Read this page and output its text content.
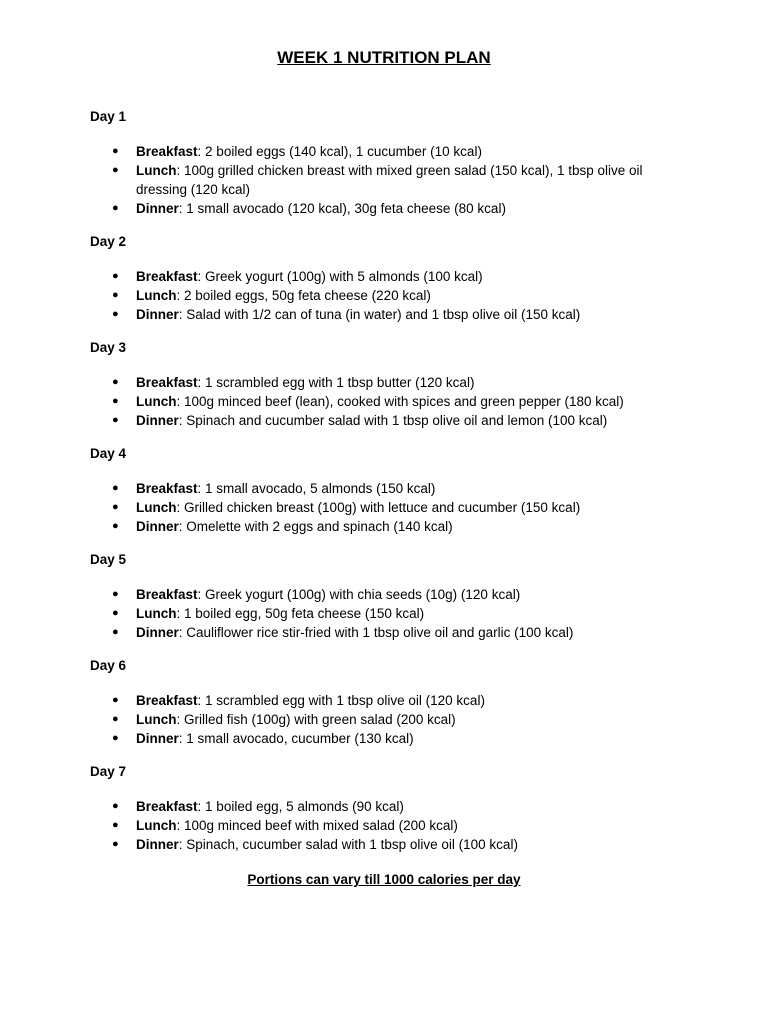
WEEK 1 NUTRITION PLAN
Day 1
● Breakfast: 2 boiled eggs (140 kcal), 1 cucumber (10 kcal)
● Lunch: 100g grilled chicken breast with mixed green salad (150 kcal), 1 tbsp olive oil dressing (120 kcal)
● Dinner: 1 small avocado (120 kcal), 30g feta cheese (80 kcal)
Day 2
● Breakfast: Greek yogurt (100g) with 5 almonds (100 kcal)
● Lunch: 2 boiled eggs, 50g feta cheese (220 kcal)
● Dinner: Salad with 1/2 can of tuna (in water) and 1 tbsp olive oil (150 kcal)
Day 3
● Breakfast: 1 scrambled egg with 1 tbsp butter (120 kcal)
● Lunch: 100g minced beef (lean), cooked with spices and green pepper (180 kcal)
● Dinner: Spinach and cucumber salad with 1 tbsp olive oil and lemon (100 kcal)
Day 4
● Breakfast: 1 small avocado, 5 almonds (150 kcal)
● Lunch: Grilled chicken breast (100g) with lettuce and cucumber (150 kcal)
● Dinner: Omelette with 2 eggs and spinach (140 kcal)
Day 5
● Breakfast: Greek yogurt (100g) with chia seeds (10g) (120 kcal)
● Lunch: 1 boiled egg, 50g feta cheese (150 kcal)
● Dinner: Cauliflower rice stir-fried with 1 tbsp olive oil and garlic (100 kcal)
Day 6
● Breakfast: 1 scrambled egg with 1 tbsp olive oil (120 kcal)
● Lunch: Grilled fish (100g) with green salad (200 kcal)
● Dinner: 1 small avocado, cucumber (130 kcal)
Day 7
● Breakfast: 1 boiled egg, 5 almonds (90 kcal)
● Lunch: 100g minced beef with mixed salad (200 kcal)
● Dinner: Spinach, cucumber salad with 1 tbsp olive oil (100 kcal)

Portions can vary till 1000 calories per day
